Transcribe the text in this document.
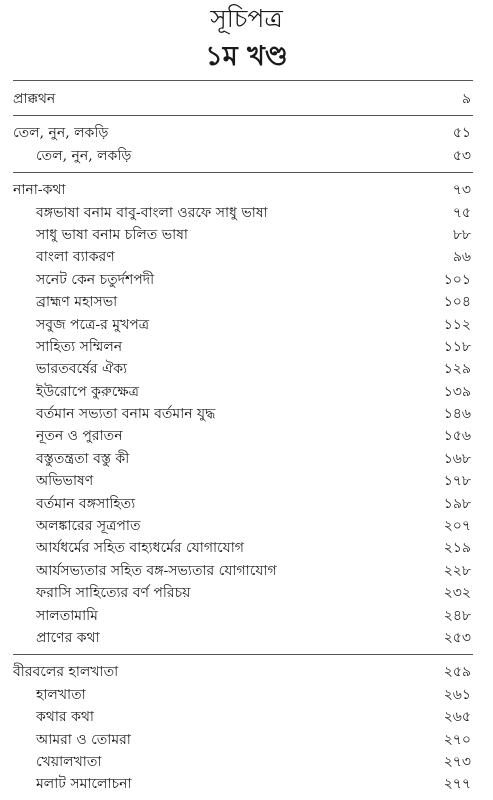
সূচিপত্র
১ম খণ্ড
প্রাক্কথন	৯
তেল, নুন, লকড়ি	৫১
তেল, নুন, লকড়ি	৫৩
নানা-কথা	৭৩
বঙ্গভাষা বনাম বাবু-বাংলা ওরফে সাধু ভাষা	৭৫
সাধু ভাষা বনাম চলিত ভাষা	৮৮
বাংলা ব্যাকরণ	৯৬
সনেট কেন চতুর্দশপদী	১০১
ব্রাহ্মণ মহাসভা	১০৪
সবুজ পত্রে-র মুখপত্র	১১২
সাহিত্য সম্মিলন	১১৮
ভারতবর্ষের ঐক্য	১২৯
ইউরোপে কুরুক্ষেত্র	১৩৯
বর্তমান সভ্যতা বনাম বর্তমান যুদ্ধ	১৪৬
নূতন ও পুরাতন	১৫৬
বস্তুতন্ত্রতা বস্তু কী	১৬৮
অভিভাষণ	১৭৮
বর্তমান বঙ্গসাহিত্য	১৯৮
অলঙ্কারের সূত্রপাত	২০৭
আর্যধর্মের সহিত বাহ্যধর্মের যোগাযোগ	২১৯
আর্যসভ্যতার সহিত বঙ্গ-সভ্যতার যোগাযোগ	২২৮
ফরাসি সাহিত্যের বর্ণ পরিচয়	২৩২
সালতামামি	২৪৮
প্রাণের কথা	২৫৩
বীরবলের হালখাতা	২৫৯
হালখাতা	২৬১
কথার কথা	২৬৫
আমরা ও তোমরা	২৭০
খেয়ালখাতা	২৭৩
মলাট সমালোচনা	২৭৭
